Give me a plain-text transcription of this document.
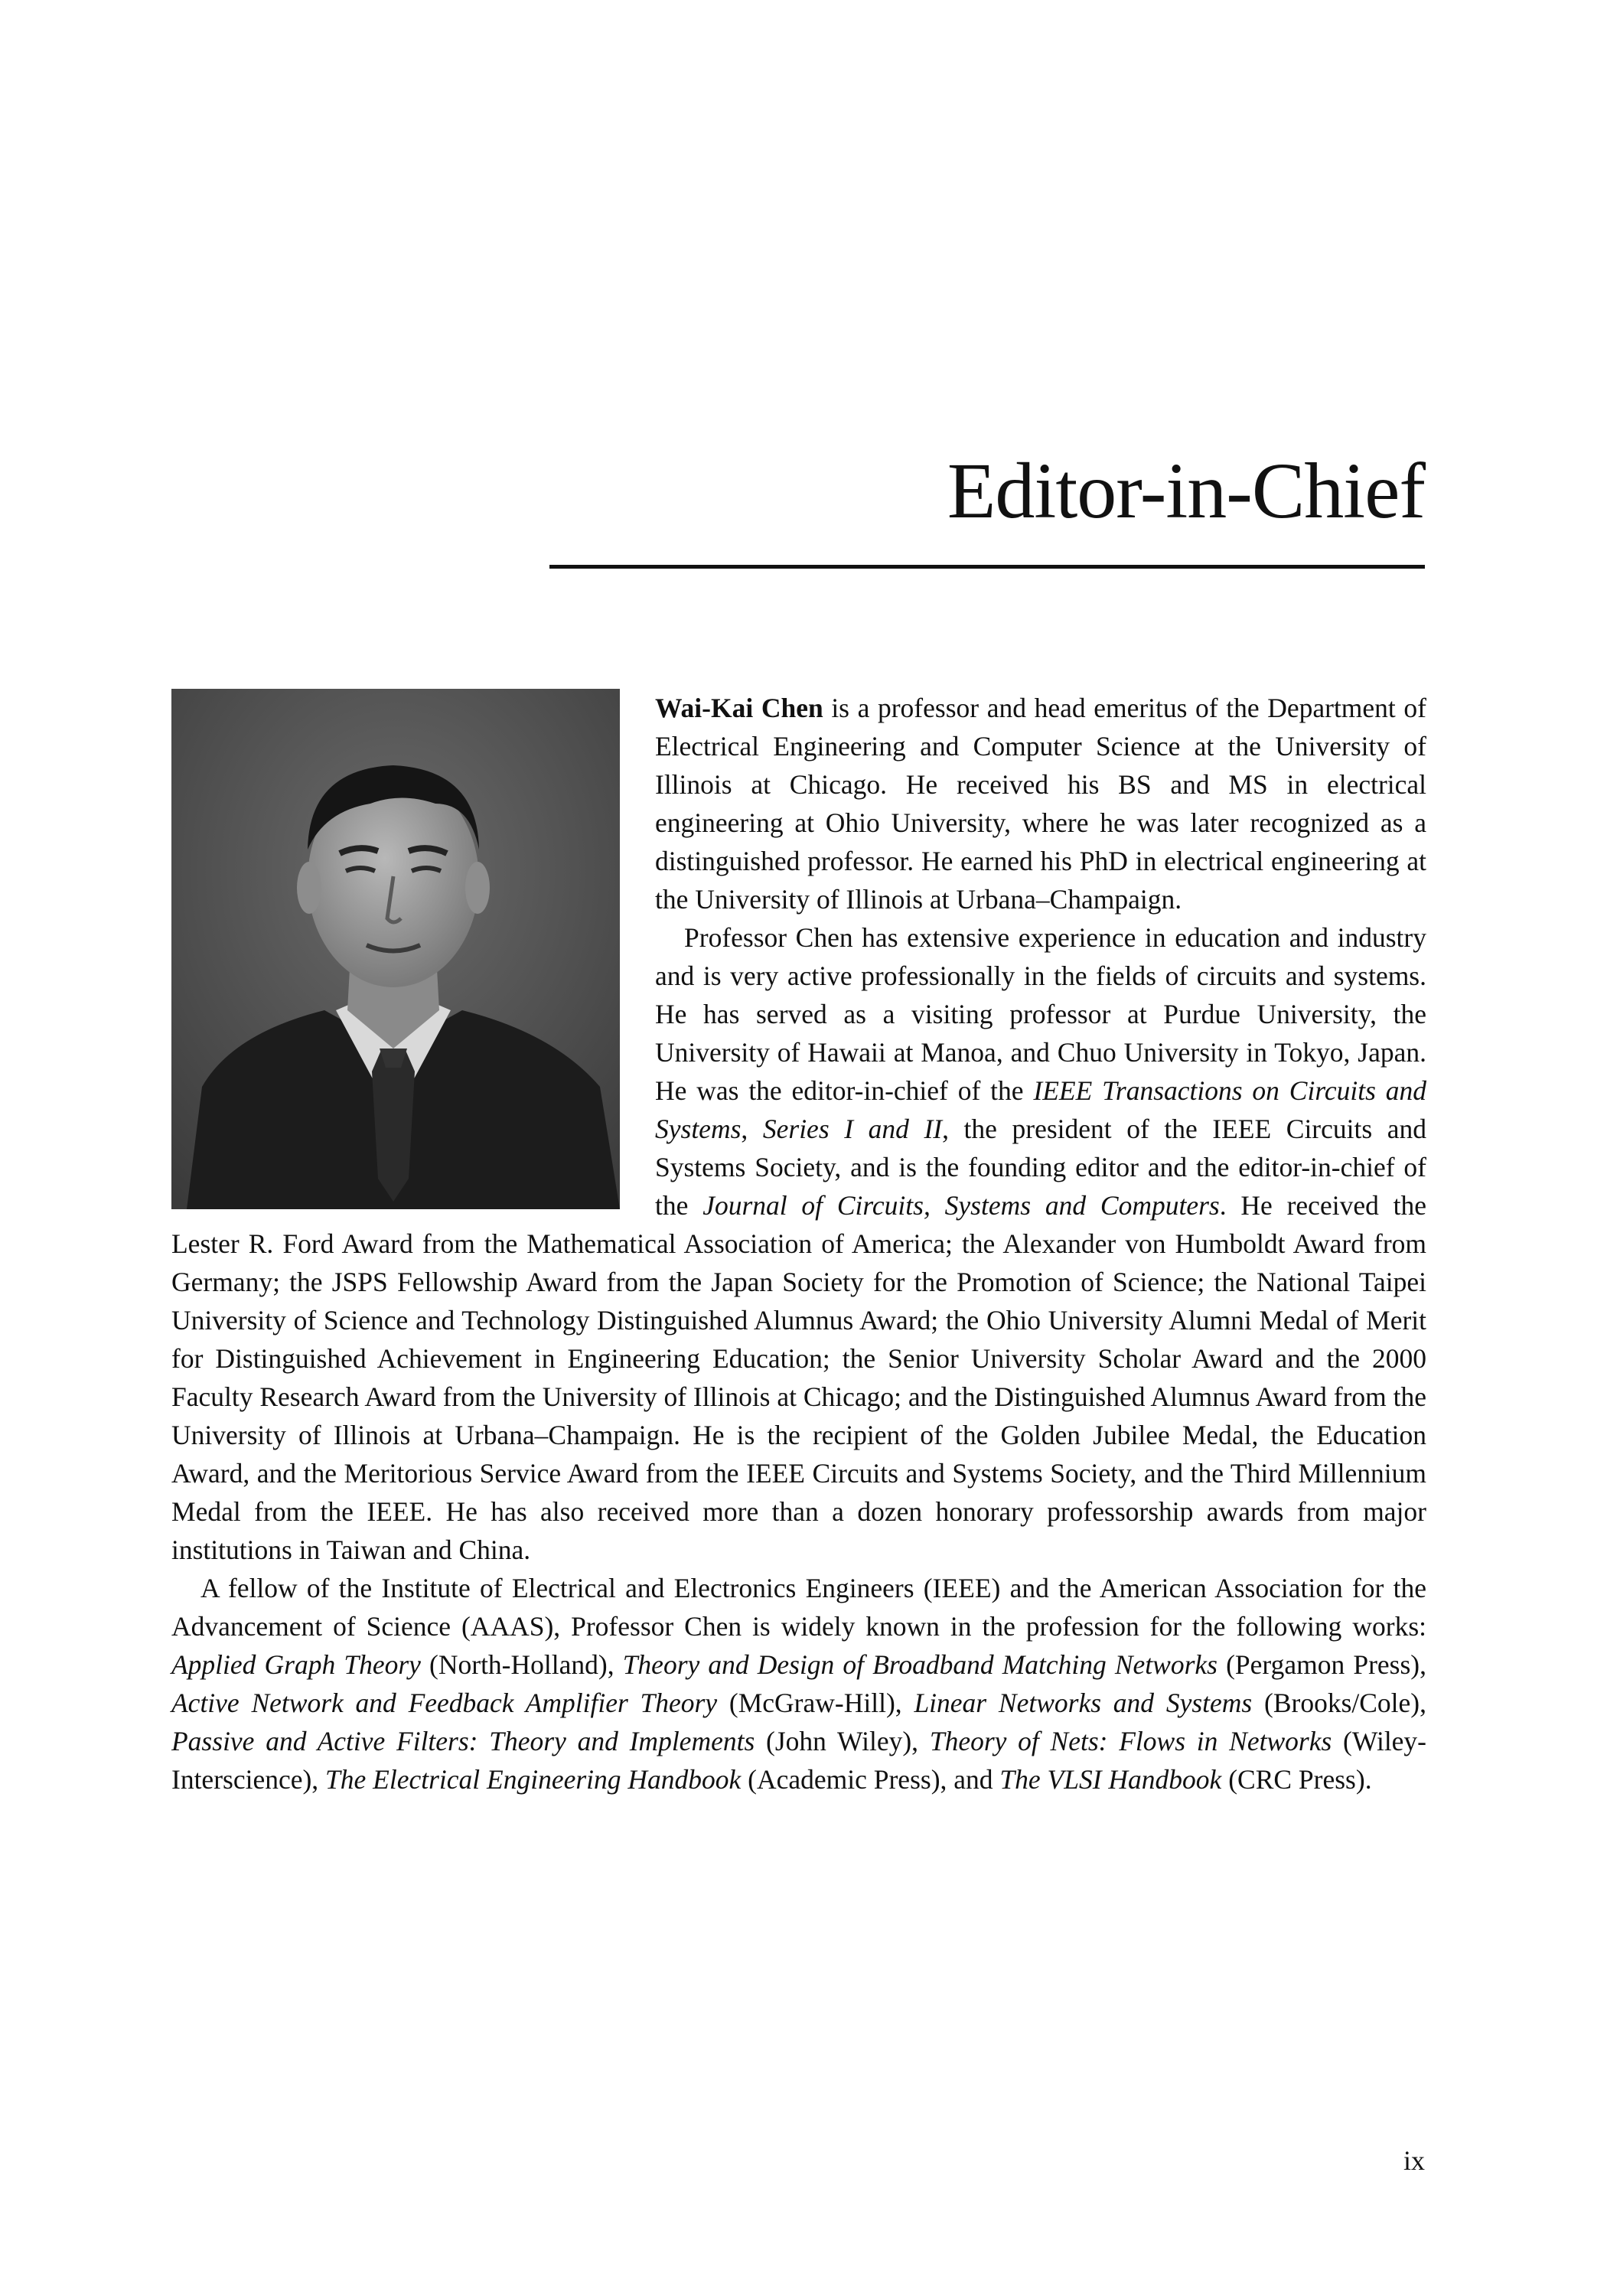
Editor-in-Chief

Wai-Kai Chen is a professor and head emeritus of the Department of Electrical Engineering and Computer Science at the University of Illinois at Chicago. He received his BS and MS in electrical engineering at Ohio University, where he was later recognized as a distinguished professor. He earned his PhD in electrical engineering at the University of Illinois at Urbana–Champaign.

Professor Chen has extensive experience in education and industry and is very active professionally in the fields of circuits and systems. He has served as a visiting professor at Purdue University, the University of Hawaii at Manoa, and Chuo University in Tokyo, Japan. He was the editor-in-chief of the IEEE Transactions on Circuits and Systems, Series I and II, the president of the IEEE Circuits and Systems Society, and is the founding editor and the editor-in-chief of the Journal of Circuits, Systems and Computers. He received the Lester R. Ford Award from the Mathematical Association of America; the Alexander von Humboldt Award from Germany; the JSPS Fellowship Award from the Japan Society for the Promotion of Science; the National Taipei University of Science and Technology Distinguished Alumnus Award; the Ohio University Alumni Medal of Merit for Distinguished Achievement in Engineering Education; the Senior University Scholar Award and the 2000 Faculty Research Award from the University of Illinois at Chicago; and the Distinguished Alumnus Award from the University of Illinois at Urbana–Champaign. He is the recipient of the Golden Jubilee Medal, the Education Award, and the Meritorious Service Award from the IEEE Circuits and Systems Society, and the Third Millennium Medal from the IEEE. He has also received more than a dozen honorary professorship awards from major institutions in Taiwan and China.

A fellow of the Institute of Electrical and Electronics Engineers (IEEE) and the American Association for the Advancement of Science (AAAS), Professor Chen is widely known in the profession for the following works: Applied Graph Theory (North-Holland), Theory and Design of Broadband Matching Networks (Pergamon Press), Active Network and Feedback Amplifier Theory (McGraw-Hill), Linear Networks and Systems (Brooks/Cole), Passive and Active Filters: Theory and Implements (John Wiley), Theory of Nets: Flows in Networks (Wiley-Interscience), The Electrical Engineering Handbook (Academic Press), and The VLSI Handbook (CRC Press).

ix
